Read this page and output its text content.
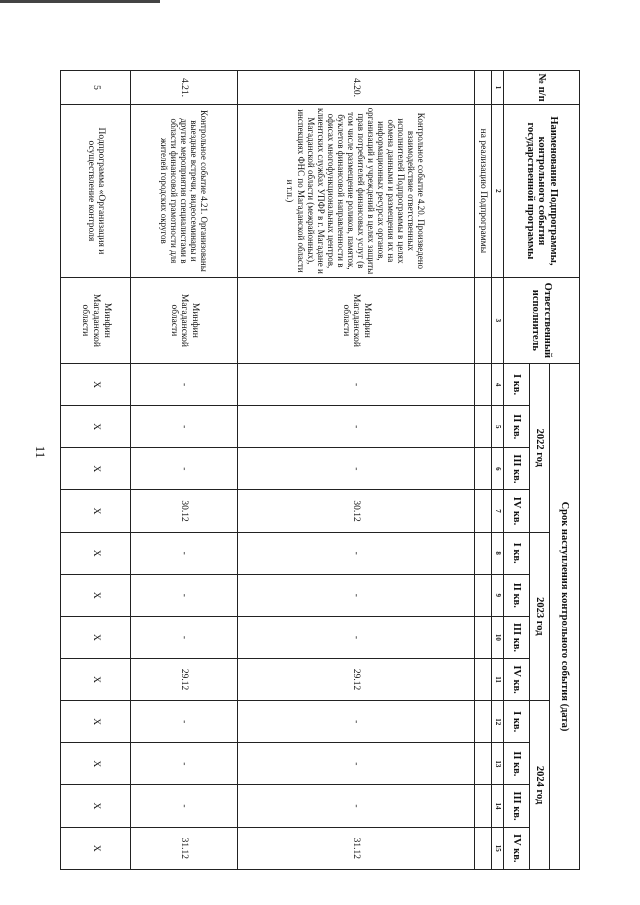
11
№ п/п	Наименование Подпрограммы, контрольного события государственной программы	Ответственный исполнитель	Срок наступления контрольного события (дата)											
			2022 год				2023 год				2024 год			
			I кв.	II кв.	III кв.	IV кв.	I кв.	II кв.	III кв.	IV кв.	I кв.	II кв.	III кв.	IV кв.
1	2	3	4	5	6	7	8	9	10	11	12	13	14	15
	на реализацию Подпрограммы													
4.20.	Контрольное событие 4.20. Произведено взаимодействие ответственных исполнителей Подпрограммы в целях обмена данными и размещения их на информационных ресурсах органов, организаций и учреждений в целях защиты прав потребителей финансовых услуг (в том числе размещение роликов, памяток, буклетов финансовой направленности в офисах многофункциональных центров, клиентских службах УПФР в г. Магадане и Магаданской области (межрайонных), инспекциях ФНС по Магаданской области и т.п.)	Минфин Магаданской области	-	-	-	30.12	-	-	-	29.12	-	-	-	31.12
4.21.	Контрольное событие 4.21. Организованы выездные встречи, видеосеминары и другие мероприятия специалистами в области финансовой грамотности для жителей городских округов	Минфин Магаданской области	-	-	-	30.12	-	-	-	29.12	-	-	-	31.12
5	Подпрограмма «Организация и осуществление контроля	Минфин Магаданской области	X	X	X	X	X	X	X	X	X	X	X	X
